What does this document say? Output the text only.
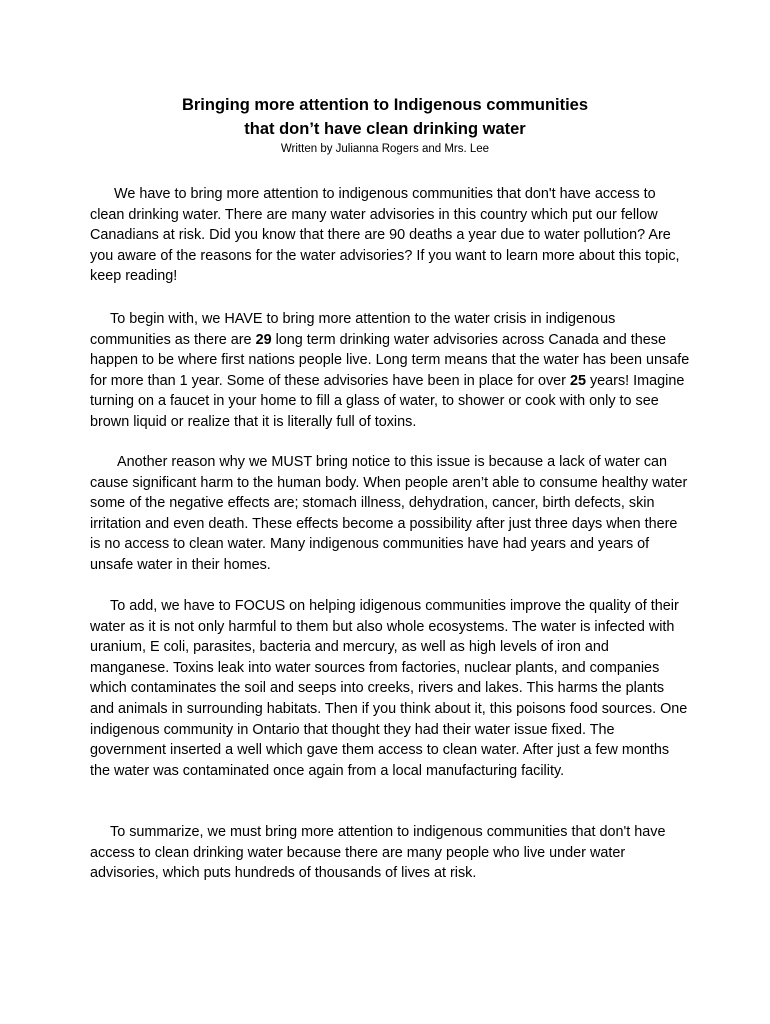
Bringing more attention to Indigenous communities
that don’t have clean drinking water
Written by Julianna Rogers and Mrs. Lee

We have to bring more attention to indigenous communities that don't have access to clean drinking water. There are many water advisories in this country which put our fellow Canadians at risk. Did you know that there are 90 deaths a year due to water pollution? Are you aware of the reasons for the water advisories? If you want to learn more about this topic, keep reading!

To begin with, we HAVE to bring more attention to the water crisis in indigenous communities as there are 29 long term drinking water advisories across Canada and these happen to be where first nations people live. Long term means that the water has been unsafe for more than 1 year. Some of these advisories have been in place for over 25 years! Imagine turning on a faucet in your home to fill a glass of water, to shower or cook with only to see brown liquid or realize that it is literally full of toxins.

Another reason why we MUST bring notice to this issue is because a lack of water can cause significant harm to the human body. When people aren’t able to consume healthy water some of the negative effects are; stomach illness, dehydration, cancer, birth defects, skin irritation and even death. These effects become a possibility after just three days when there is no access to clean water. Many indigenous communities have had years and years of unsafe water in their homes.

To add, we have to FOCUS on helping idigenous communities improve the quality of their water as it is not only harmful to them but also whole ecosystems. The water is infected with uranium, E coli, parasites, bacteria and mercury, as well as high levels of iron and manganese. Toxins leak into water sources from factories, nuclear plants, and companies which contaminates the soil and seeps into creeks, rivers and lakes. This harms the plants and animals in surrounding habitats. Then if you think about it, this poisons food sources. One indigenous community in Ontario that thought they had their water issue fixed. The government inserted a well which gave them access to clean water. After just a few months the water was contaminated once again from a local manufacturing facility.

To summarize, we must bring more attention to indigenous communities that don't have access to clean drinking water because there are many people who live under water advisories, which puts hundreds of thousands of lives at risk.
